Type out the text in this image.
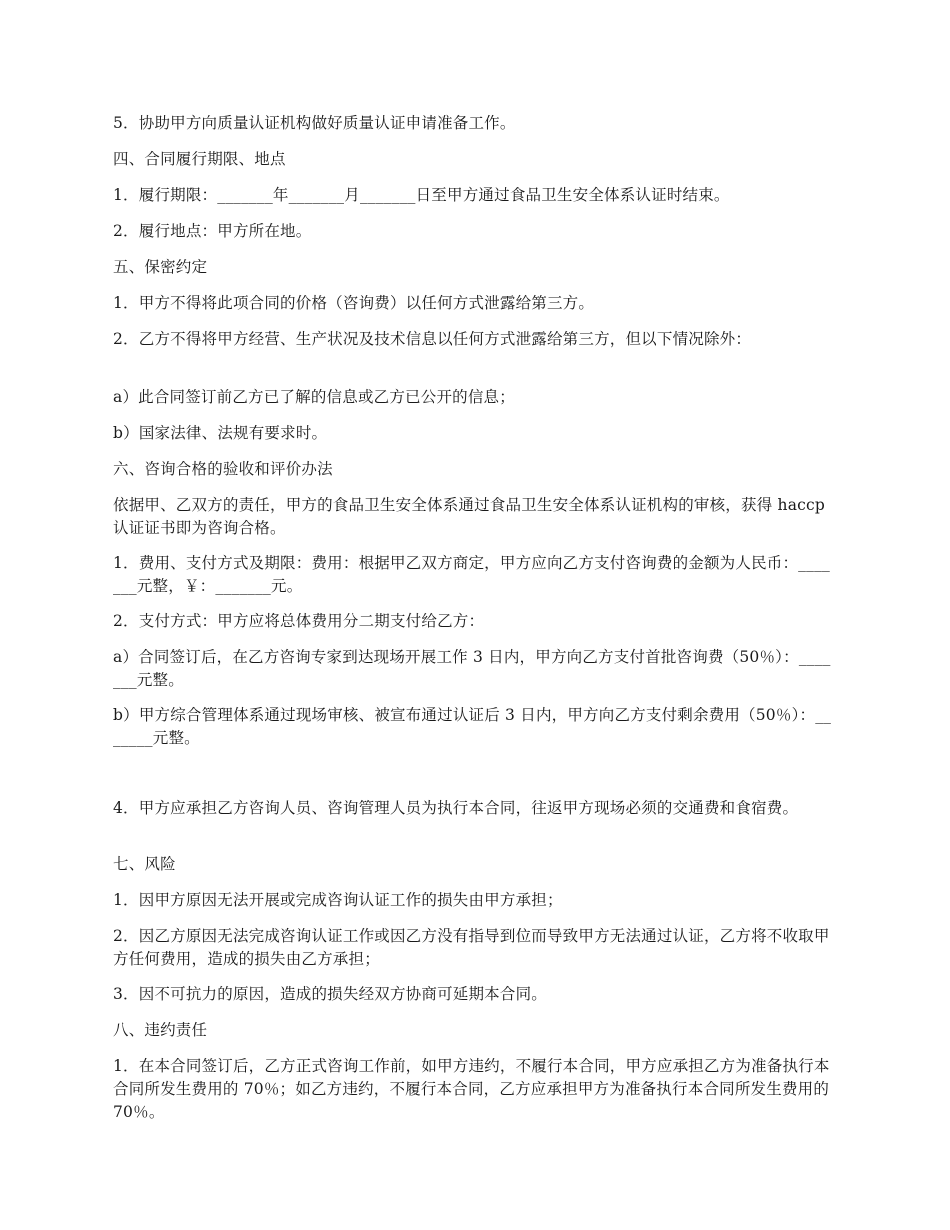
5．协助甲方向质量认证机构做好质量认证申请准备工作。
四、合同履行期限、地点
1．履行期限：_______年_______月_______日至甲方通过食品卫生安全体系认证时结束。
2．履行地点：甲方所在地。
五、保密约定
1．甲方不得将此项合同的价格（咨询费）以任何方式泄露给第三方。
2．乙方不得将甲方经营、生产状况及技术信息以任何方式泄露给第三方，但以下情况除外：
a）此合同签订前乙方已了解的信息或乙方已公开的信息；
b）国家法律、法规有要求时。
六、咨询合格的验收和评价办法
依据甲、乙双方的责任，甲方的食品卫生安全体系通过食品卫生安全体系认证机构的审核，获得 haccp 认证证书即为咨询合格。
1．费用、支付方式及期限：费用：根据甲乙双方商定，甲方应向乙方支付咨询费的金额为人民币：_______元整，￥：_______元。
2．支付方式：甲方应将总体费用分二期支付给乙方：
a）合同签订后，在乙方咨询专家到达现场开展工作 3 日内，甲方向乙方支付首批咨询费（50％）：_______元整。
b）甲方综合管理体系通过现场审核、被宣布通过认证后 3 日内，甲方向乙方支付剩余费用（50％）：_______元整。
4．甲方应承担乙方咨询人员、咨询管理人员为执行本合同，往返甲方现场必须的交通费和食宿费。
七、风险
1．因甲方原因无法开展或完成咨询认证工作的损失由甲方承担；
2．因乙方原因无法完成咨询认证工作或因乙方没有指导到位而导致甲方无法通过认证，乙方将不收取甲方任何费用，造成的损失由乙方承担；
3．因不可抗力的原因，造成的损失经双方协商可延期本合同。
八、违约责任
1．在本合同签订后，乙方正式咨询工作前，如甲方违约，不履行本合同，甲方应承担乙方为准备执行本合同所发生费用的 70％；如乙方违约，不履行本合同，乙方应承担甲方为准备执行本合同所发生费用的 70％。
